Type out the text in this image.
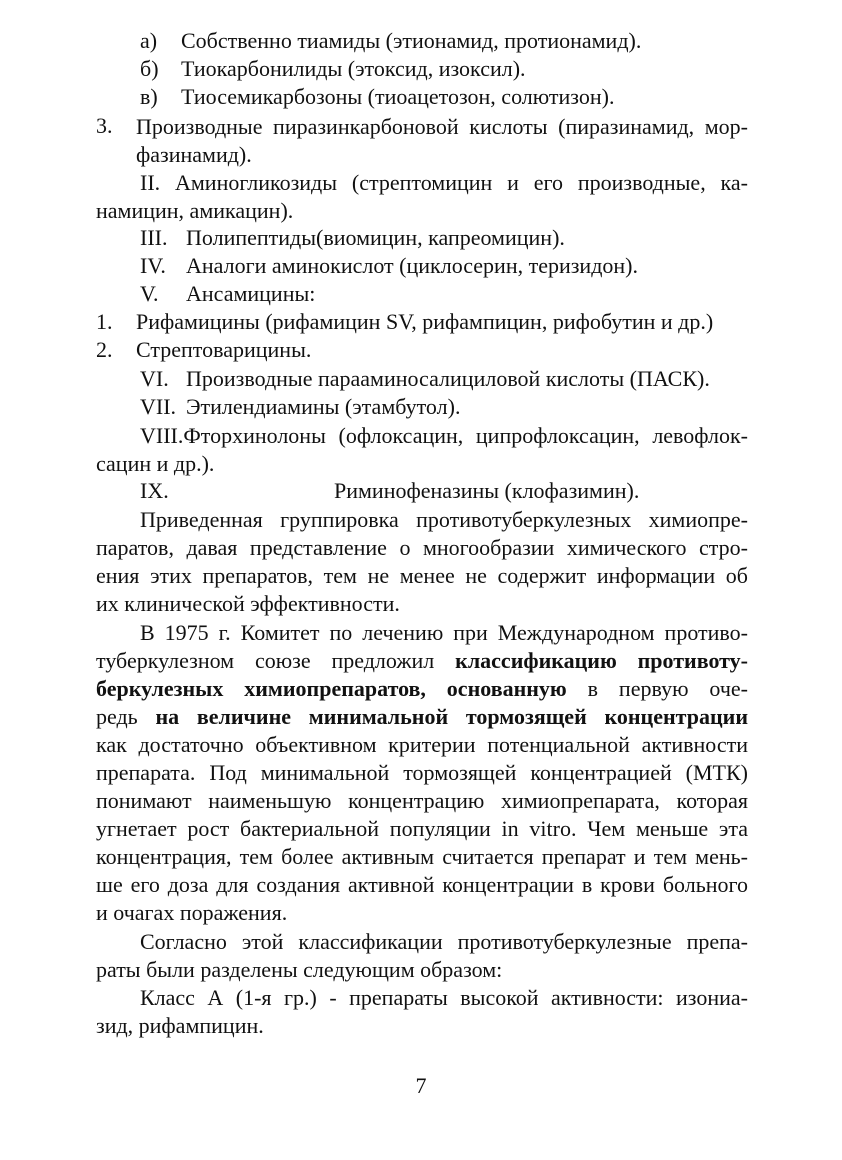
а) Собственно тиамиды (этионамид, протионамид).
б) Тиокарбонилиды (этоксид, изоксил).
в) Тиосемикарбозоны (тиоацетозон, солютизон).
3. Производные пиразинкарбоновой кислоты (пиразинамид, мор-
фазинамид).
II. Аминогликозиды (стрептомицин и его производные, ка-
намицин, амикацин).
III. Полипептиды(виомицин, капреомицин).
IV. Аналоги аминокислот (циклосерин, теризидон).
V. Ансамицины:
1. Рифамицины (рифамицин SV, рифампицин, рифобутин и др.)
2. Стрептоварицины.
VI. Производные парааминосалициловой кислоты (ПАСК).
VII. Этилендиамины (этамбутол).
VIII.Фторхинолоны (офлоксацин, ципрофлоксацин, левофлок-
сацин и др.).
IX.	Риминофеназины (клофазимин).
Приведенная группировка противотуберкулезных химиопре-
паратов, давая представление о многообразии химического стро-
ения этих препаратов, тем не менее не содержит информации об
их клинической эффективности.
В 1975 г. Комитет по лечению при Международном противо-
туберкулезном союзе предложил классификацию противоту-
беркулезных химиопрепаратов, основанную в первую оче-
редь на величине минимальной тормозящей концентрации
как достаточно объективном критерии потенциальной активности
препарата. Под минимальной тормозящей концентрацией (МТК)
понимают наименьшую концентрацию химиопрепарата, которая
угнетает рост бактериальной популяции in vitro. Чем меньше эта
концентрация, тем более активным считается препарат и тем мень-
ше его доза для создания активной концентрации в крови больного
и очагах поражения.
Согласно этой классификации противотуберкулезные препа-
раты были разделены следующим образом:
Класс А (1-я гр.) - препараты высокой активности: изониа-
зид, рифампицин.
7
